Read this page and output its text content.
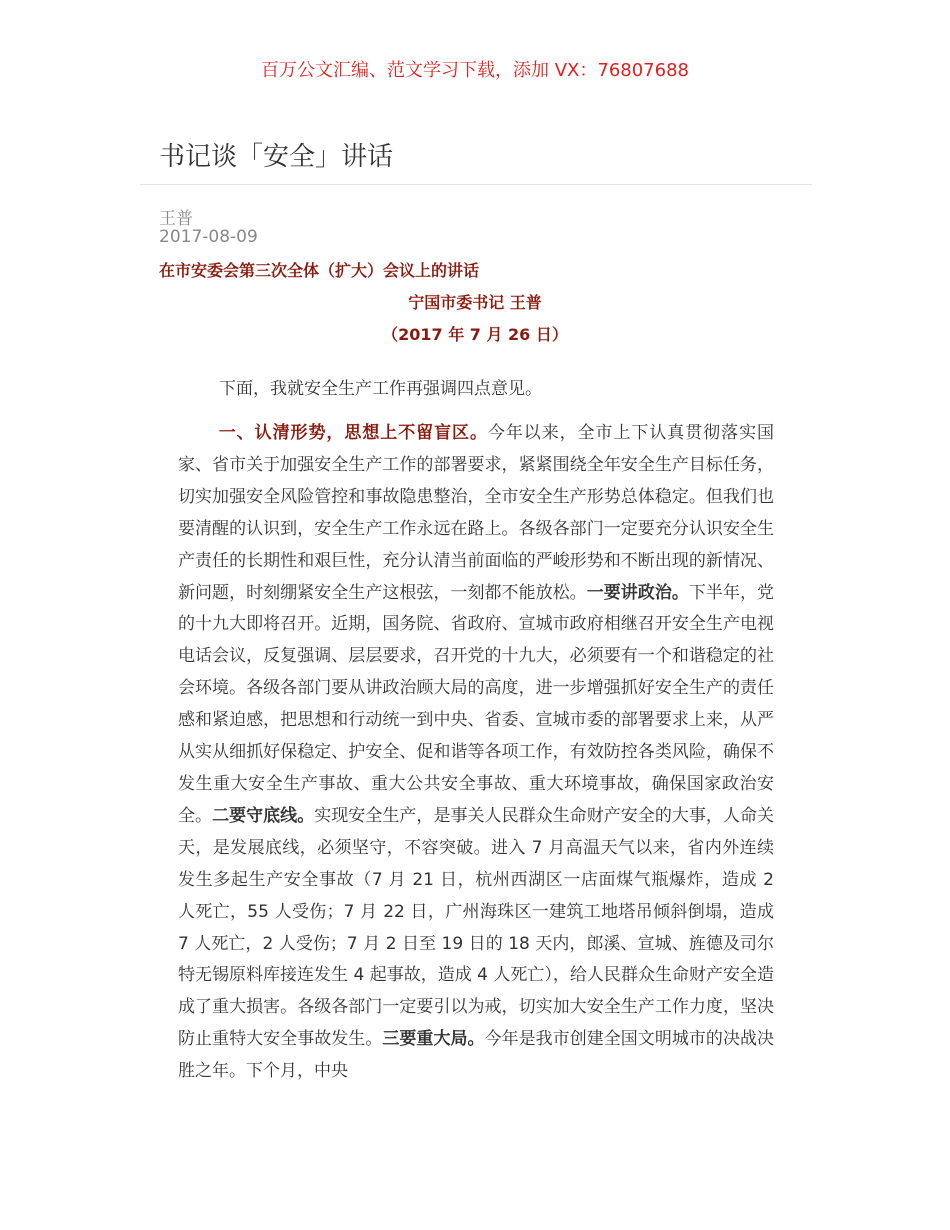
百万公文汇编、范文学习下载，添加 VX：76807688
书记谈「安全」讲话
王普
2017-08-09
在市安委会第三次全体（扩大）会议上的讲话
宁国市委书记 王普
（2017 年 7 月 26 日）
下面，我就安全生产工作再强调四点意见。
一、认清形势，思想上不留盲区。今年以来，全市上下认真贯彻落实国家、省市关于加强安全生产工作的部署要求，紧紧围绕全年安全生产目标任务，切实加强安全风险管控和事故隐患整治，全市安全生产形势总体稳定。但我们也要清醒的认识到，安全生产工作永远在路上。各级各部门一定要充分认识安全生产责任的长期性和艰巨性，充分认清当前面临的严峻形势和不断出现的新情况、新问题，时刻绷紧安全生产这根弦，一刻都不能放松。一要讲政治。下半年，党的十九大即将召开。近期，国务院、省政府、宣城市政府相继召开安全生产电视电话会议，反复强调、层层要求，召开党的十九大，必须要有一个和谐稳定的社会环境。各级各部门要从讲政治顾大局的高度，进一步增强抓好安全生产的责任感和紧迫感，把思想和行动统一到中央、省委、宣城市委的部署要求上来，从严从实从细抓好保稳定、护安全、促和谐等各项工作，有效防控各类风险，确保不发生重大安全生产事故、重大公共安全事故、重大环境事故，确保国家政治安全。二要守底线。实现安全生产，是事关人民群众生命财产安全的大事，人命关天，是发展底线，必须坚守，不容突破。进入 7 月高温天气以来，省内外连续发生多起生产安全事故（7 月 21 日，杭州西湖区一店面煤气瓶爆炸，造成 2 人死亡，55 人受伤；7 月 22 日，广州海珠区一建筑工地塔吊倾斜倒塌，造成 7 人死亡，2 人受伤；7 月 2 日至 19 日的 18 天内，郎溪、宣城、旌德及司尔特无锡原料库接连发生 4 起事故，造成 4 人死亡），给人民群众生命财产安全造成了重大损害。各级各部门一定要引以为戒，切实加大安全生产工作力度，坚决防止重特大安全事故发生。三要重大局。今年是我市创建全国文明城市的决战决胜之年。下个月，中央
